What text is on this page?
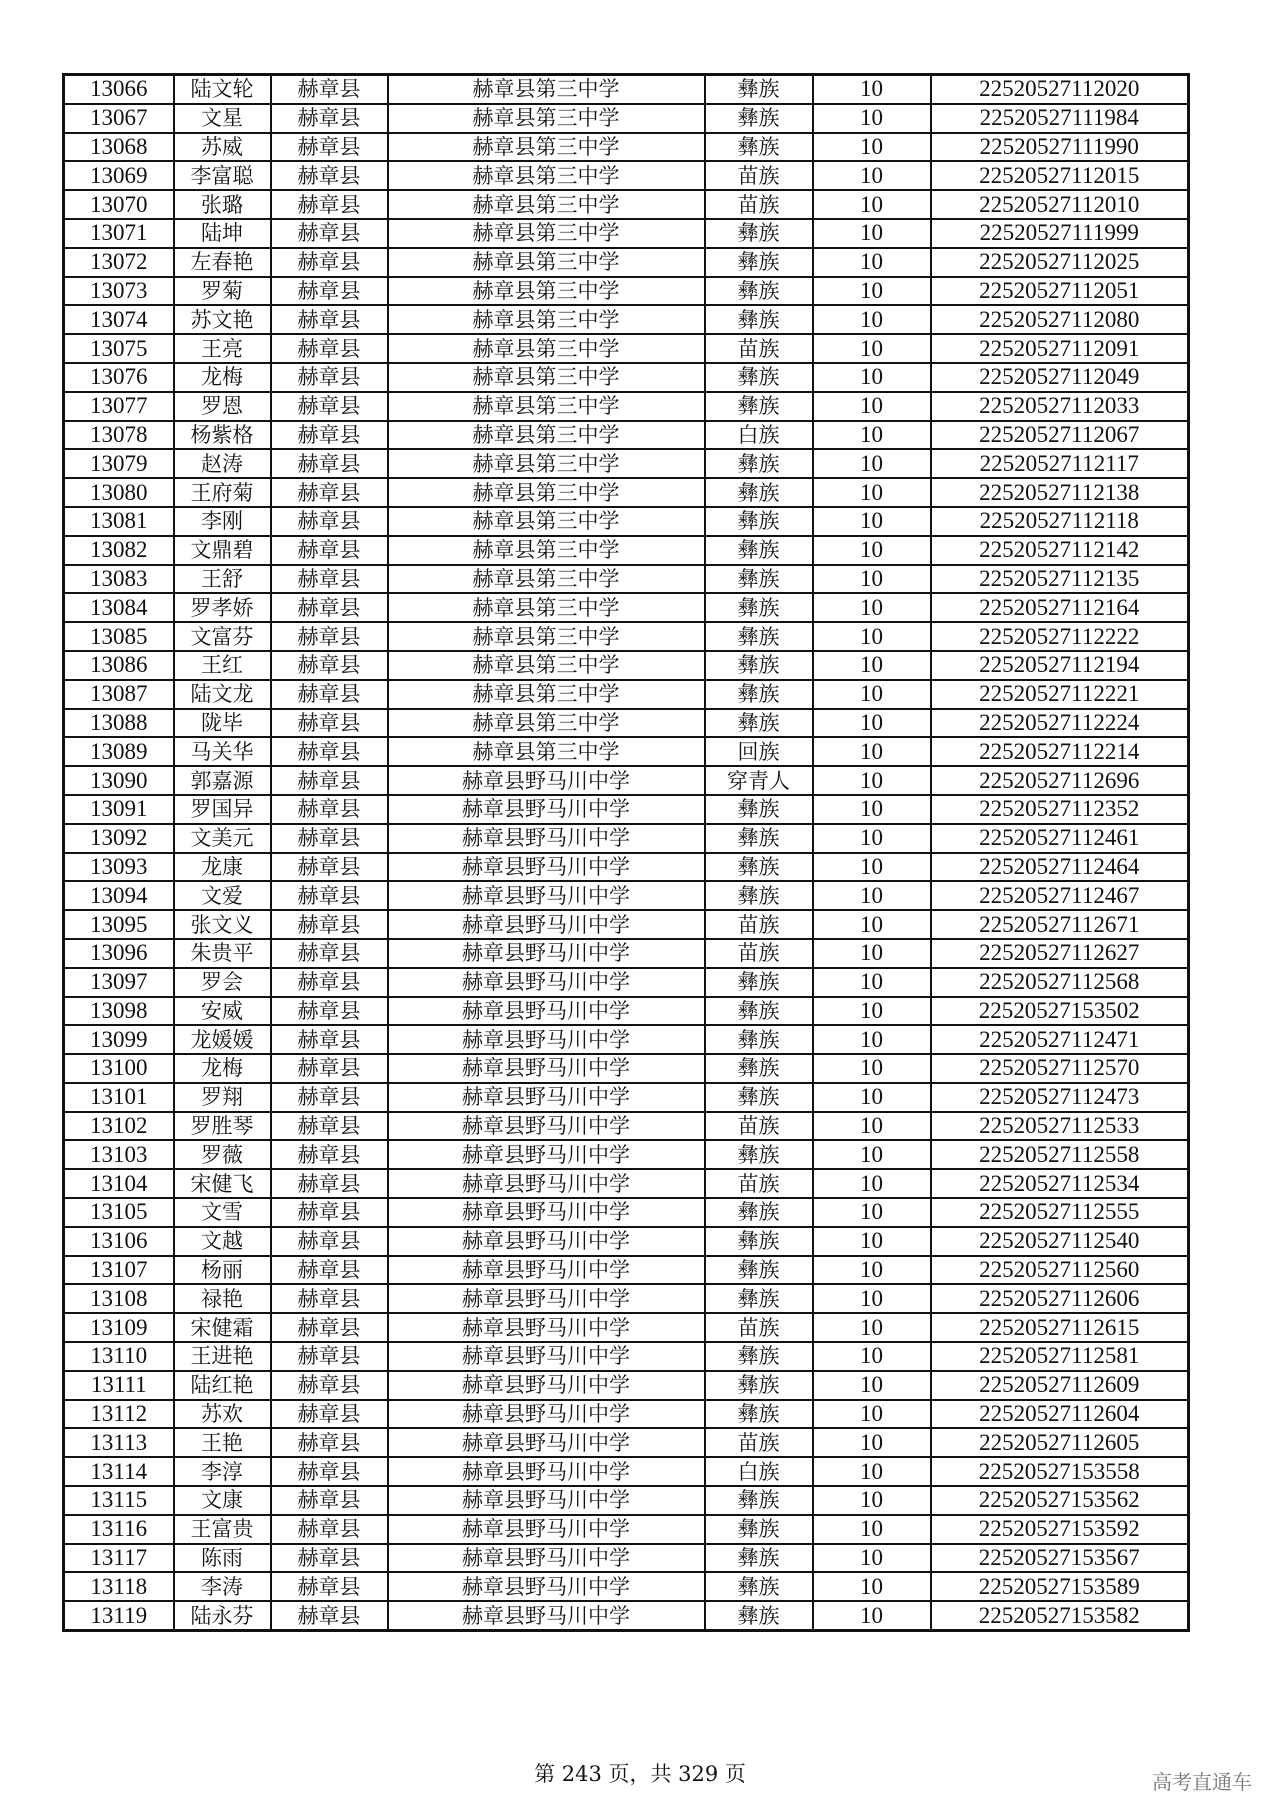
13066	陆文轮	赫章县	赫章县第三中学	彝族	10	22520527112020
13067	文星	赫章县	赫章县第三中学	彝族	10	22520527111984
13068	苏威	赫章县	赫章县第三中学	彝族	10	22520527111990
13069	李富聪	赫章县	赫章县第三中学	苗族	10	22520527112015
13070	张璐	赫章县	赫章县第三中学	苗族	10	22520527112010
13071	陆坤	赫章县	赫章县第三中学	彝族	10	22520527111999
13072	左春艳	赫章县	赫章县第三中学	彝族	10	22520527112025
13073	罗菊	赫章县	赫章县第三中学	彝族	10	22520527112051
13074	苏文艳	赫章县	赫章县第三中学	彝族	10	22520527112080
13075	王亮	赫章县	赫章县第三中学	苗族	10	22520527112091
13076	龙梅	赫章县	赫章县第三中学	彝族	10	22520527112049
13077	罗恩	赫章县	赫章县第三中学	彝族	10	22520527112033
13078	杨紫格	赫章县	赫章县第三中学	白族	10	22520527112067
13079	赵涛	赫章县	赫章县第三中学	彝族	10	22520527112117
13080	王府菊	赫章县	赫章县第三中学	彝族	10	22520527112138
13081	李刚	赫章县	赫章县第三中学	彝族	10	22520527112118
13082	文鼎碧	赫章县	赫章县第三中学	彝族	10	22520527112142
13083	王舒	赫章县	赫章县第三中学	彝族	10	22520527112135
13084	罗孝娇	赫章县	赫章县第三中学	彝族	10	22520527112164
13085	文富芬	赫章县	赫章县第三中学	彝族	10	22520527112222
13086	王红	赫章县	赫章县第三中学	彝族	10	22520527112194
13087	陆文龙	赫章县	赫章县第三中学	彝族	10	22520527112221
13088	陇毕	赫章县	赫章县第三中学	彝族	10	22520527112224
13089	马关华	赫章县	赫章县第三中学	回族	10	22520527112214
13090	郭嘉源	赫章县	赫章县野马川中学	穿青人	10	22520527112696
13091	罗国异	赫章县	赫章县野马川中学	彝族	10	22520527112352
13092	文美元	赫章县	赫章县野马川中学	彝族	10	22520527112461
13093	龙康	赫章县	赫章县野马川中学	彝族	10	22520527112464
13094	文爱	赫章县	赫章县野马川中学	彝族	10	22520527112467
13095	张文义	赫章县	赫章县野马川中学	苗族	10	22520527112671
13096	朱贵平	赫章县	赫章县野马川中学	苗族	10	22520527112627
13097	罗会	赫章县	赫章县野马川中学	彝族	10	22520527112568
13098	安威	赫章县	赫章县野马川中学	彝族	10	22520527153502
13099	龙媛媛	赫章县	赫章县野马川中学	彝族	10	22520527112471
13100	龙梅	赫章县	赫章县野马川中学	彝族	10	22520527112570
13101	罗翔	赫章县	赫章县野马川中学	彝族	10	22520527112473
13102	罗胜琴	赫章县	赫章县野马川中学	苗族	10	22520527112533
13103	罗薇	赫章县	赫章县野马川中学	彝族	10	22520527112558
13104	宋健飞	赫章县	赫章县野马川中学	苗族	10	22520527112534
13105	文雪	赫章县	赫章县野马川中学	彝族	10	22520527112555
13106	文越	赫章县	赫章县野马川中学	彝族	10	22520527112540
13107	杨丽	赫章县	赫章县野马川中学	彝族	10	22520527112560
13108	禄艳	赫章县	赫章县野马川中学	彝族	10	22520527112606
13109	宋健霜	赫章县	赫章县野马川中学	苗族	10	22520527112615
13110	王进艳	赫章县	赫章县野马川中学	彝族	10	22520527112581
13111	陆红艳	赫章县	赫章县野马川中学	彝族	10	22520527112609
13112	苏欢	赫章县	赫章县野马川中学	彝族	10	22520527112604
13113	王艳	赫章县	赫章县野马川中学	苗族	10	22520527112605
13114	李淳	赫章县	赫章县野马川中学	白族	10	22520527153558
13115	文康	赫章县	赫章县野马川中学	彝族	10	22520527153562
13116	王富贵	赫章县	赫章县野马川中学	彝族	10	22520527153592
13117	陈雨	赫章县	赫章县野马川中学	彝族	10	22520527153567
13118	李涛	赫章县	赫章县野马川中学	彝族	10	22520527153589
13119	陆永芬	赫章县	赫章县野马川中学	彝族	10	22520527153582
第 243 页，共 329 页	高考直通车
